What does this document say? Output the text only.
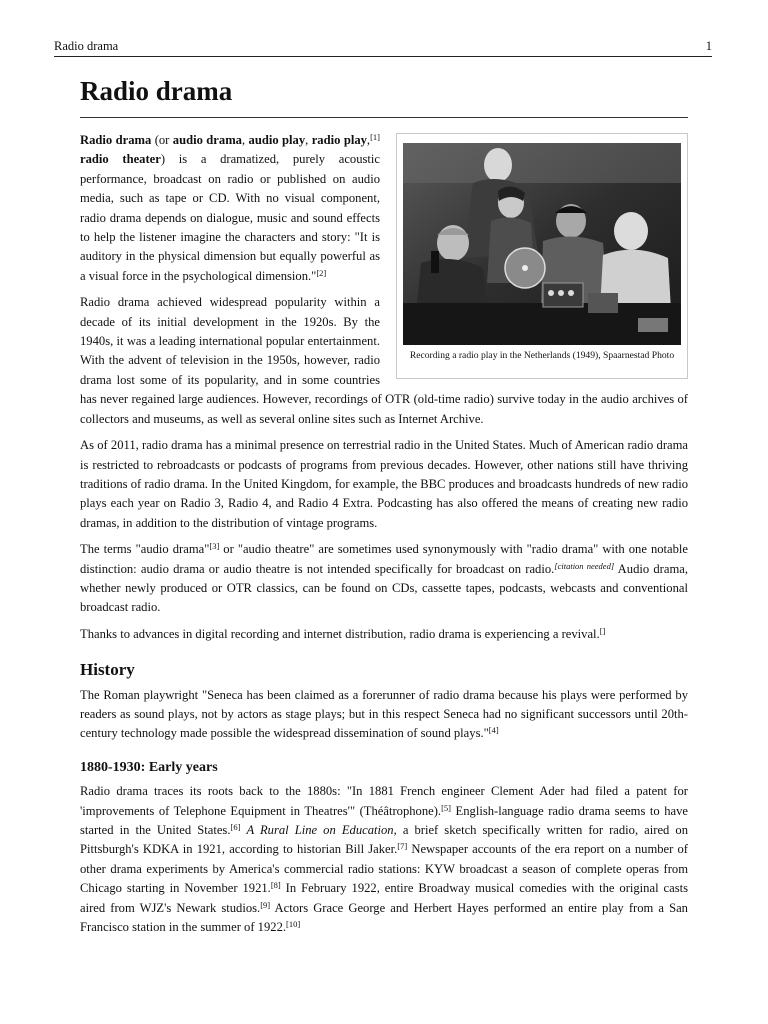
Radio drama	1
Radio drama
Recording a radio play in the Netherlands (1949), Spaarnestad Photo

Radio drama (or audio drama, audio play, radio play,[1] radio theater) is a dramatized, purely acoustic performance, broadcast on radio or published on audio media, such as tape or CD. With no visual component, radio drama depends on dialogue, music and sound effects to help the listener imagine the characters and story: "It is auditory in the physical dimension but equally powerful as a visual force in the psychological dimension."[2]

Radio drama achieved widespread popularity within a decade of its initial development in the 1920s. By the 1940s, it was a leading international popular entertainment. With the advent of television in the 1950s, however, radio drama lost some of its popularity, and in some countries has never regained large audiences. However, recordings of OTR (old-time radio) survive today in the audio archives of collectors and museums, as well as several online sites such as Internet Archive.

As of 2011, radio drama has a minimal presence on terrestrial radio in the United States. Much of American radio drama is restricted to rebroadcasts or podcasts of programs from previous decades. However, other nations still have thriving traditions of radio drama. In the United Kingdom, for example, the BBC produces and broadcasts hundreds of new radio plays each year on Radio 3, Radio 4, and Radio 4 Extra. Podcasting has also offered the means of creating new radio dramas, in addition to the distribution of vintage programs.

The terms "audio drama"[3] or "audio theatre" are sometimes used synonymously with "radio drama" with one notable distinction: audio drama or audio theatre is not intended specifically for broadcast on radio.[citation needed] Audio drama, whether newly produced or OTR classics, can be found on CDs, cassette tapes, podcasts, webcasts and conventional broadcast radio.

Thanks to advances in digital recording and internet distribution, radio drama is experiencing a revival.[]

History

The Roman playwright "Seneca has been claimed as a forerunner of radio drama because his plays were performed by readers as sound plays, not by actors as stage plays; but in this respect Seneca had no significant successors until 20th-century technology made possible the widespread dissemination of sound plays."[4]

1880-1930: Early years

Radio drama traces its roots back to the 1880s: "In 1881 French engineer Clement Ader had filed a patent for 'improvements of Telephone Equipment in Theatres'" (Théâtrophone).[5] English-language radio drama seems to have started in the United States.[6] A Rural Line on Education, a brief sketch specifically written for radio, aired on Pittsburgh's KDKA in 1921, according to historian Bill Jaker.[7] Newspaper accounts of the era report on a number of other drama experiments by America's commercial radio stations: KYW broadcast a season of complete operas from Chicago starting in November 1921.[8] In February 1922, entire Broadway musical comedies with the original casts aired from WJZ's Newark studios.[9] Actors Grace George and Herbert Hayes performed an entire play from a San Francisco station in the summer of 1922.[10]
